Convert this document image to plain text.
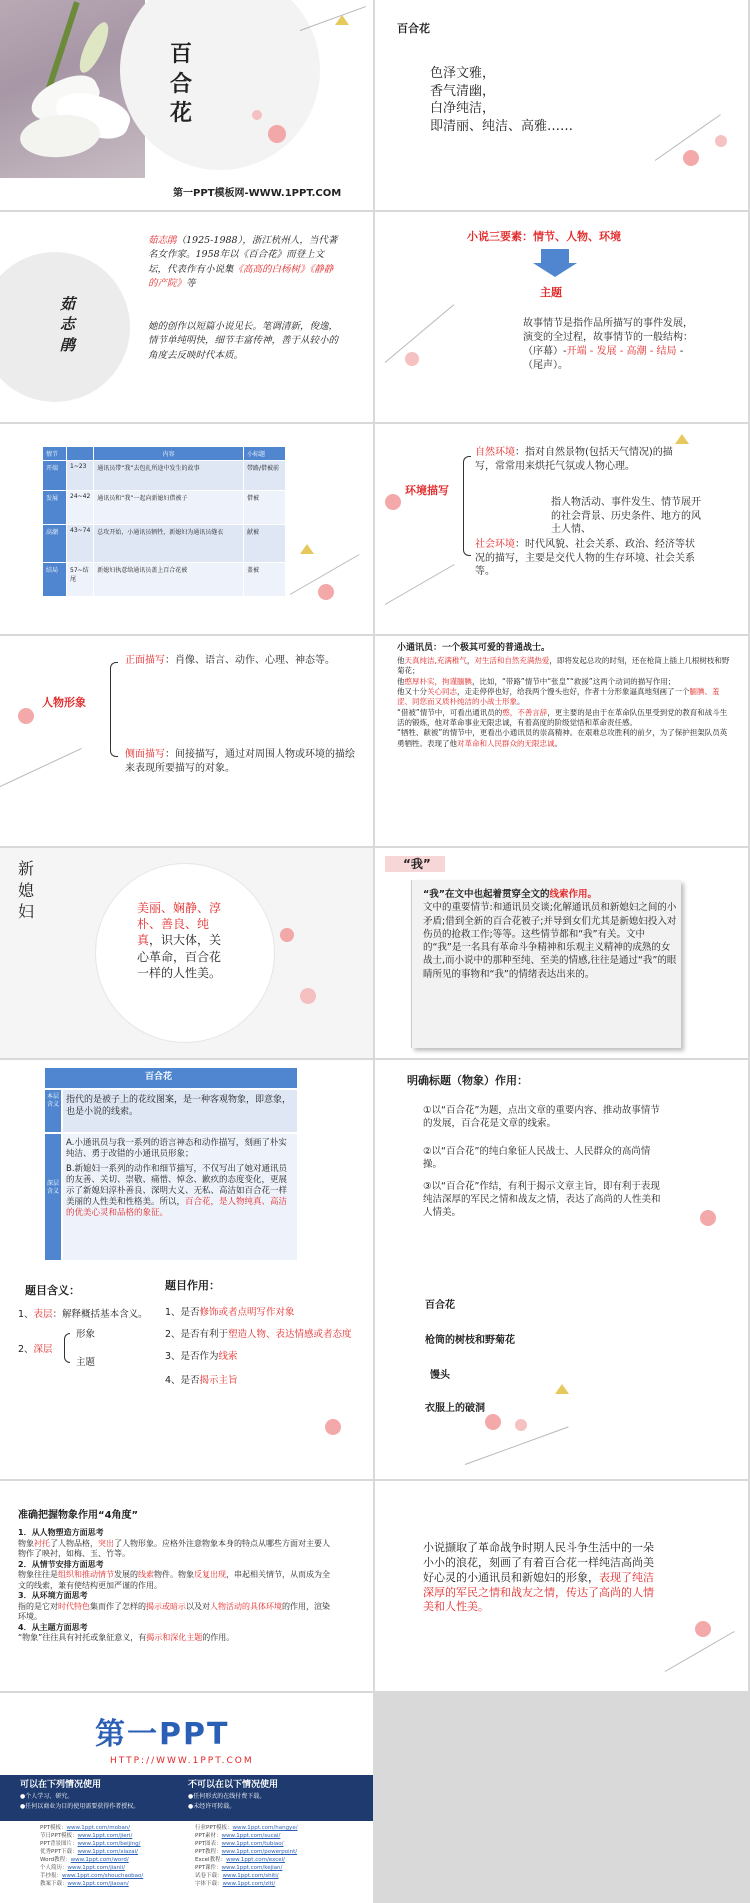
百
合
花
第一PPT模板网-WWW.1PPT.COM
百合花
色泽文雅，
香气清幽，
白净纯洁，
即清丽、纯洁、高雅……
茹
志
鹃
茹志鹃（1925-1988），浙江杭州人，当代著名女作家。1958年以《百合花》而登上文坛，代表作有小说集《高高的白杨树》《静静的产院》等
她的创作以短篇小说见长。笔调清新，俊逸，情节单纯明快，细节丰富传神，善于从较小的角度去反映时代本质。
小说三要素：情节、人物、环境
主题
故事情节是指作品所描写的事件发展，演变的全过程，故事情节的一般结构：（序幕）-开端 - 发展 - 高潮 - 结局 -（尾声）。
情节		内容	小标题
开端	1~23	通讯员带“我”去包扎所途中发生的故事	带路/借被前
发展	24~42	通讯员和“我”一起向新媳妇借被子	借被
高潮	43~74	总攻开始，小通讯员牺牲，新媳妇为通讯员缝衣	献被
结局	57~结尾	新媳妇执意给通讯员盖上百合花被	盖被
环境描写
自然环境：指对自然景物(包括天气情况)的描写，常常用来烘托气氛或人物心理。
指人物活动、事件发生、情节展开的社会背景、历史条件、地方的风土人情、
社会环境：时代风貌、社会关系、政治、经济等状况的描写，主要是交代人物的生存环境、社会关系等。
人物形象
正面描写：肖像、语言、动作、心理、神态等。
侧面描写：间接描写，通过对周围人物或环境的描绘来表现所要描写的对象。
小通讯员：一个极其可爱的普通战士。
他天真纯洁,充满稚气，对生活和自然充满热爱，即将发起总攻的时刻，还在枪筒上插上几根树枝和野菊花；
他憨厚朴实，拘谨腼腆，比如，“带路”情节中“张皇”“救援”这两个动词的描写作用；
他又十分关心同志，走走停停也好，给我两个馒头也好，作者十分形象逼真地刻画了一个腼腆、羞涩、同您而又质朴纯洁的小战士形象。
“借被”情节中，可看出通讯员的憨，不善言辞，更主要的是由于在革命队伍里受到党的教育和战斗生活的锻炼，他对革命事业无限忠诚，有着高度的阶级觉悟和革命责任感。
“牺牲、献被”的情节中，更看出小通讯员的崇高精神。在艰难总攻胜利的前夕，为了保护担架队员英勇牺牲。表现了他对革命和人民群众的无限忠诚。
新
媳
妇	美丽、娴静、淳朴、善良、纯真，识大体，关心革命，百合花一样的人性美。
“我”
“我”在文中也起着贯穿全文的线索作用。
文中的重要情节:和通讯员交谈;化解通讯员和新媳妇之间的小矛盾;借到全新的百合花被子;并导到女们尤其是新媳妇投入对伤员的抢救工作;等等。这些情节都和“我”有关。文中的“我”是一名具有革命斗争精神和乐观主义精神的成熟的女战士,而小说中的那种至纯、至美的情感,往往是通过“我”的眼睛所见的事物和“我”的情绪表达出来的。
百合花
本层含义 指代的是被子上的花纹图案，是一种客观物象，即意象，也是小说的线索。
深层含义
A.小通讯员与我一系列的语言神态和动作描写，刻画了朴实纯洁、勇于改错的小通讯员形象；
B.新媳妇一系列的动作和细节描写，不仅写出了她对通讯员的友善、关切、崇敬、痛惜、悼念、歉疚的态度变化，更展示了新媳妇淳朴善良、深明大义、无私、高洁如百合花一样美丽的人性美和性格美。所以，百合花，是人物纯真、高洁的优美心灵和品格的象征。
明确标题（物象）作用：
①以“百合花”为题，点出文章的重要内容、推动故事情节的发展，百合花是文章的线索。
②以“百合花”的纯白象征人民战士、人民群众的高尚情操。
③以“百合花”作结，有利于揭示文章主旨，即有利于表现纯洁深厚的军民之情和战友之情，表达了高尚的人性美和人情美。
题目含义：
1、表层：解释概括基本含义。
2、深层
形象
主题
题目作用：
1、是否修饰或者点明写作对象
2、是否有利于塑造人物、表达情感或者态度
3、是否作为线索
4、是否揭示主旨
百合花
枪筒的树枝和野菊花
馒头
衣服上的破洞
准确把握物象作用“4角度”
1．从人物塑造方面思考
物象衬托了人物品格，突出了人物形象。应格外注意物象本身的特点从哪些方面对主要人物作了映衬，如梅、玉、竹等。
2．从情节安排方面思考
物象往往是组织和推动情节发展的线索物件。物象反复出现，串起相关情节，从而成为全文的线索，兼有使结构更加严谨的作用。
3．从环境方面思考
指的是它对时代特色集而作了怎样的揭示或暗示以及对人物活动的具体环境的作用，渲染环境。
4．从主题方面思考
“物象”往往具有衬托或象征意义，有揭示和深化主题的作用。
小说撷取了革命战争时期人民斗争生活中的一朵小小的浪花，刻画了有着百合花一样纯洁高尚美好心灵的小通讯员和新媳妇的形象，表现了纯洁深厚的军民之情和战友之情，传达了高尚的人情美和人性美。
第一PPT
HTTP://WWW.1PPT.COM
可以在下列情况使用
●个人学习、研究。
●任何以商业为目的使用需要获得作者授权。
不可以在以下情况使用
●任何形式的在线付费下载。
●未经许可转载。
PPT模板：www.1ppt.com/moban/
节日PPT模板：www.1ppt.com/jieri/
PPT背景图片：www.1ppt.com/beijing/
优秀PPT下载：www.1ppt.com/xiazai/
Word教程：www.1ppt.com/word/
个人简历：www.1ppt.com/jianli/
手抄报：www.1ppt.com/shouchaobao/
教案下载：www.1ppt.com/jiaoan/
行业PPT模板：www.1ppt.com/hangye/
PPT素材：www.1ppt.com/sucai/
PPT图表：www.1ppt.com/tubiao/
PPT教程：www.1ppt.com/powerpoint/
Excel教程：www.1ppt.com/excel/
PPT课件：www.1ppt.com/kejian/
试卷下载：www.1ppt.com/shiti/
字体下载：www.1ppt.com/ziti/
